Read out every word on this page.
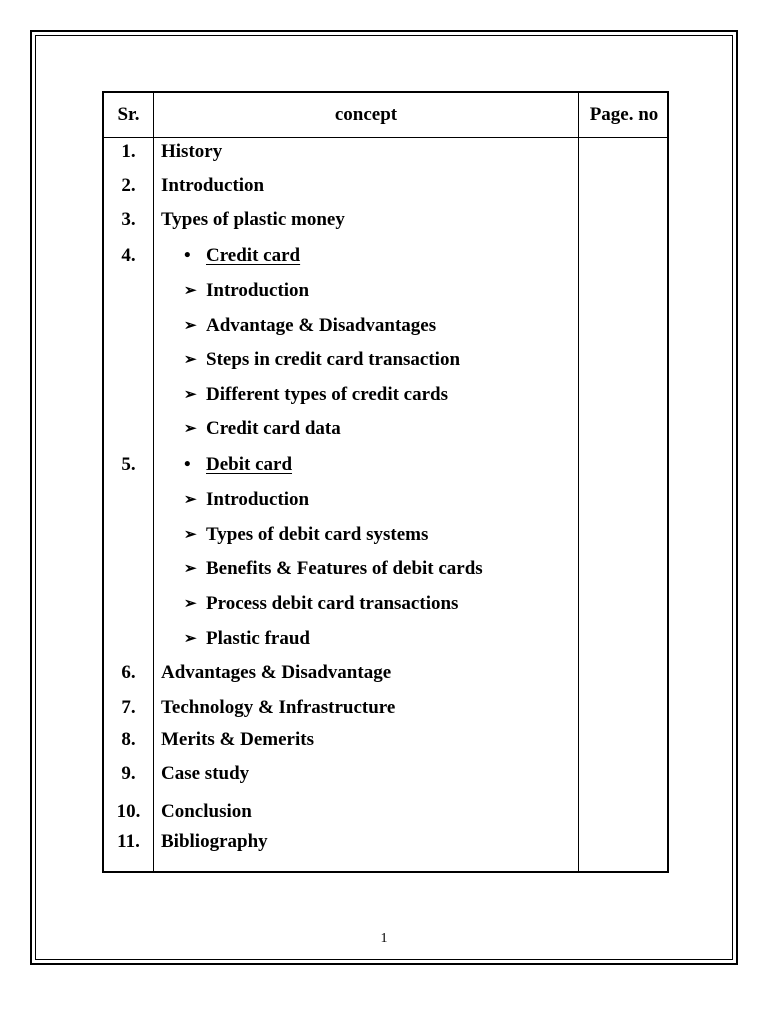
Sr.	concept	Page. no
1.	History
2.	Introduction
3.	Types of plastic money
4.	• Credit card
➢ Introduction
➢ Advantage & Disadvantages
➢ Steps in credit card transaction
➢ Different types of credit cards
➢ Credit card data
5.	• Debit card
➢ Introduction
➢ Types of debit card systems
➢ Benefits & Features of debit cards
➢ Process debit card transactions
➢ Plastic fraud
6.	Advantages & Disadvantage
7.	Technology & Infrastructure
8.	Merits & Demerits
9.	Case study
10.	Conclusion
11.	Bibliography
1
